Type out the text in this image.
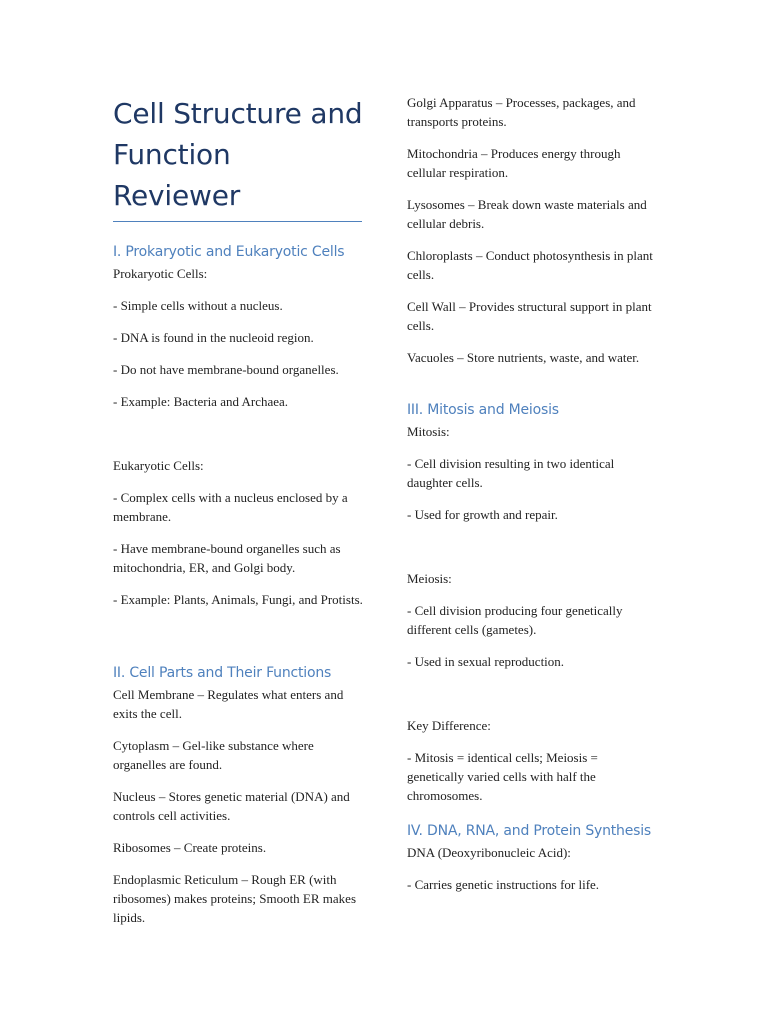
Cell Structure and
Function
Reviewer
I. Prokaryotic and Eukaryotic Cells

Prokaryotic Cells:

- Simple cells without a nucleus.

- DNA is found in the nucleoid region.

- Do not have membrane-bound organelles.

- Example: Bacteria and Archaea.

Eukaryotic Cells:

- Complex cells with a nucleus enclosed by a membrane.

- Have membrane-bound organelles such as mitochondria, ER, and Golgi body.

- Example: Plants, Animals, Fungi, and Protists.

II. Cell Parts and Their Functions

Cell Membrane – Regulates what enters and exits the cell.

Cytoplasm – Gel-like substance where organelles are found.

Nucleus – Stores genetic material (DNA) and controls cell activities.

Ribosomes – Create proteins.

Endoplasmic Reticulum – Rough ER (with ribosomes) makes proteins; Smooth ER makes lipids.

Golgi Apparatus – Processes, packages, and transports proteins.

Mitochondria – Produces energy through cellular respiration.

Lysosomes – Break down waste materials and cellular debris.

Chloroplasts – Conduct photosynthesis in plant cells.

Cell Wall – Provides structural support in plant cells.

Vacuoles – Store nutrients, waste, and water.

III. Mitosis and Meiosis

Mitosis:

- Cell division resulting in two identical daughter cells.

- Used for growth and repair.

Meiosis:

- Cell division producing four genetically different cells (gametes).

- Used in sexual reproduction.

Key Difference:

- Mitosis = identical cells; Meiosis = genetically varied cells with half the chromosomes.

IV. DNA, RNA, and Protein Synthesis

DNA (Deoxyribonucleic Acid):

- Carries genetic instructions for life.
